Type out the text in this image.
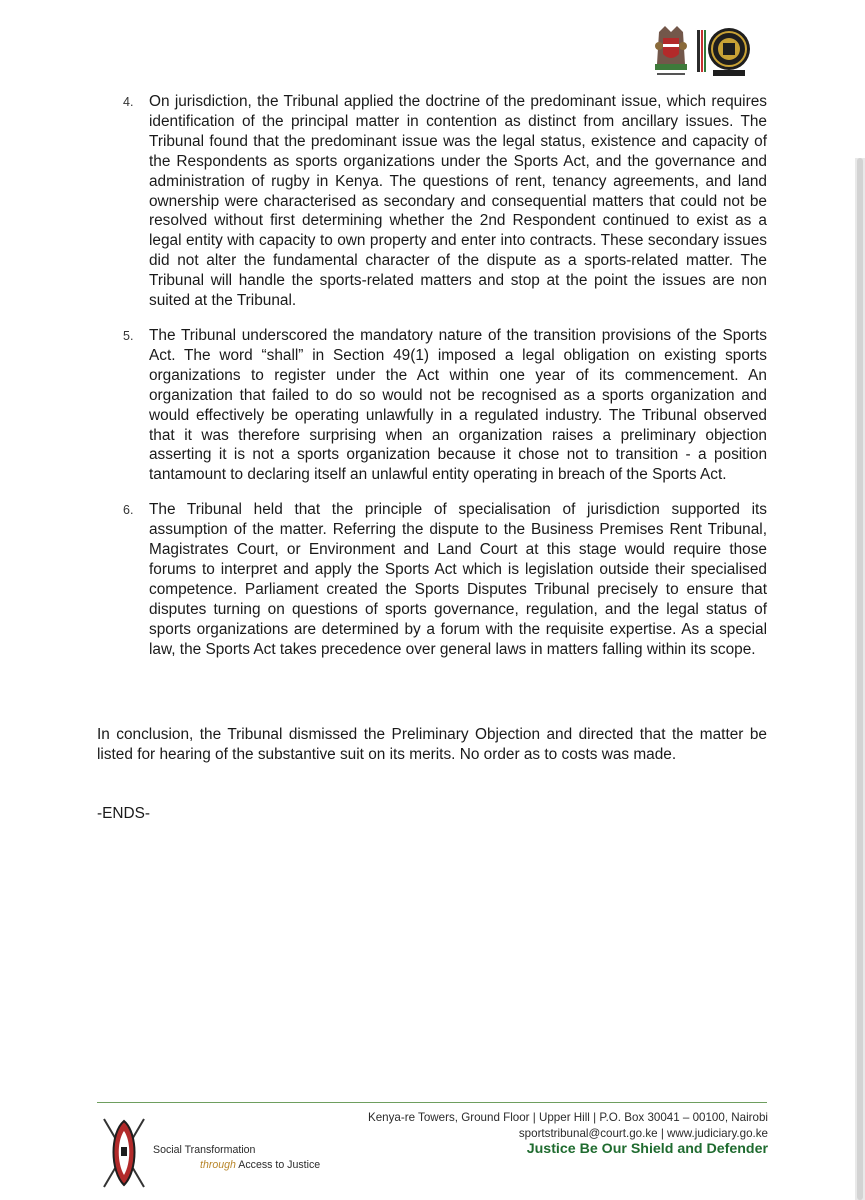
4. On jurisdiction, the Tribunal applied the doctrine of the predominant issue, which requires identification of the principal matter in contention as distinct from ancillary issues. The Tribunal found that the predominant issue was the legal status, existence and capacity of the Respondents as sports organizations under the Sports Act, and the governance and administration of rugby in Kenya. The questions of rent, tenancy agreements, and land ownership were characterised as secondary and consequential matters that could not be resolved without first determining whether the 2nd Respondent continued to exist as a legal entity with capacity to own property and enter into contracts. These secondary issues did not alter the fundamental character of the dispute as a sports-related matter. The Tribunal will handle the sports-related matters and stop at the point the issues are non suited at the Tribunal.

5. The Tribunal underscored the mandatory nature of the transition provisions of the Sports Act. The word “shall” in Section 49(1) imposed a legal obligation on existing sports organizations to register under the Act within one year of its commencement. An organization that failed to do so would not be recognised as a sports organization and would effectively be operating unlawfully in a regulated industry. The Tribunal observed that it was therefore surprising when an organization raises a preliminary objection asserting it is not a sports organization because it chose not to transition - a position tantamount to declaring itself an unlawful entity operating in breach of the Sports Act.

6. The Tribunal held that the principle of specialisation of jurisdiction supported its assumption of the matter. Referring the dispute to the Business Premises Rent Tribunal, Magistrates Court, or Environment and Land Court at this stage would require those forums to interpret and apply the Sports Act which is legislation outside their specialised competence. Parliament created the Sports Disputes Tribunal precisely to ensure that disputes turning on questions of sports governance, regulation, and the legal status of sports organizations are determined by a forum with the requisite expertise. As a special law, the Sports Act takes precedence over general laws in matters falling within its scope.

In conclusion, the Tribunal dismissed the Preliminary Objection and directed that the matter be listed for hearing of the substantive suit on its merits. No order as to costs was made.

-ENDS-

Social Transformation
through Access to Justice
Kenya-re Towers, Ground Floor | Upper Hill | P.O. Box 30041 – 00100, Nairobi
sportstribunal@court.go.ke | www.judiciary.go.ke
Justice Be Our Shield and Defender
